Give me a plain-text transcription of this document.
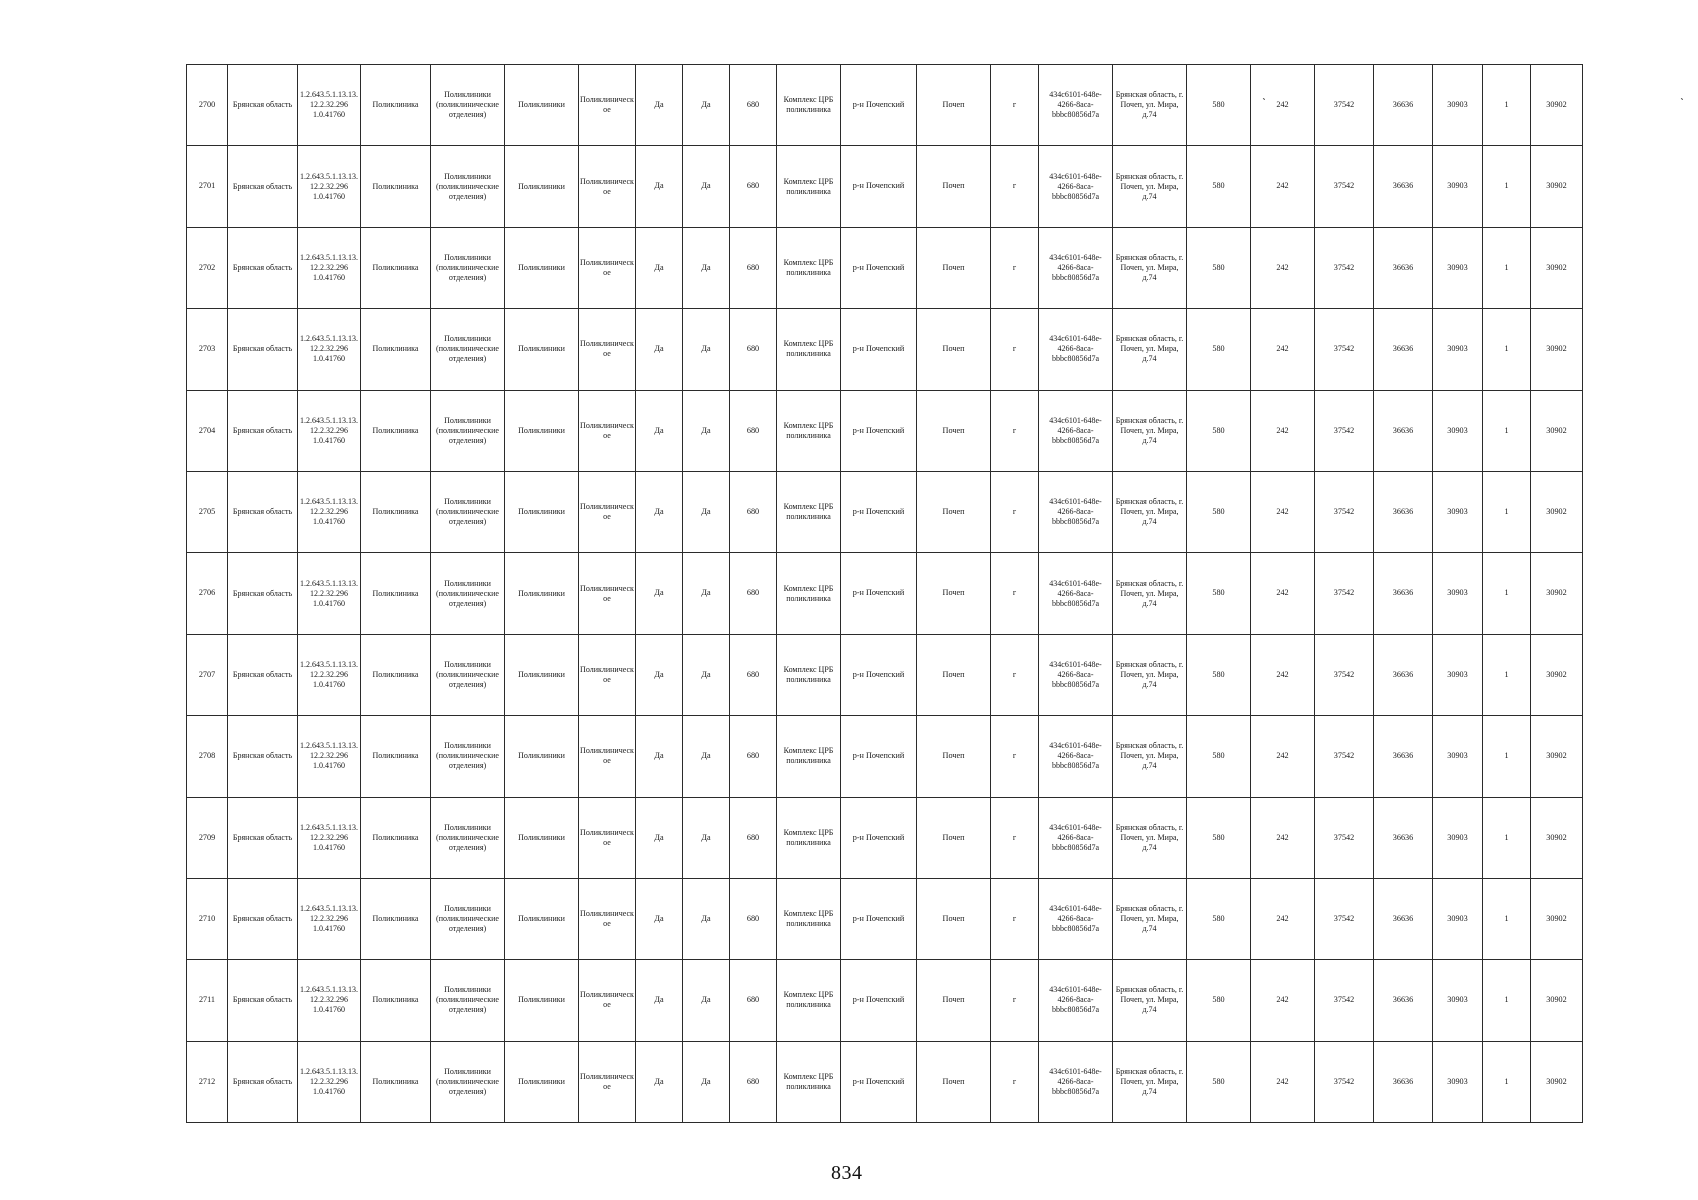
2700	Брянская область	1.2.643.5.1.13.13.12.2.32.296 1.0.41760	Поликлиника	Поликлиники (поликлинические отделения)	Поликлиники	Поликлиническое	Да	Да	680	Комплекс ЦРБ поликлиника	р-н Почепский	Почеп	г	434c6101-648e-4266-8aca-bbbc80856d7a	Брянская область, г. Почеп, ул. Мира, д.74	580	242	37542	36636	30903	1	30902
2701	Брянская область	1.2.643.5.1.13.13.12.2.32.296 1.0.41760	Поликлиника	Поликлиники (поликлинические отделения)	Поликлиники	Поликлиническое	Да	Да	680	Комплекс ЦРБ поликлиника	р-н Почепский	Почеп	г	434c6101-648e-4266-8aca-bbbc80856d7a	Брянская область, г. Почеп, ул. Мира, д.74	580	242	37542	36636	30903	1	30902
2702	Брянская область	1.2.643.5.1.13.13.12.2.32.296 1.0.41760	Поликлиника	Поликлиники (поликлинические отделения)	Поликлиники	Поликлиническое	Да	Да	680	Комплекс ЦРБ поликлиника	р-н Почепский	Почеп	г	434c6101-648e-4266-8aca-bbbc80856d7a	Брянская область, г. Почеп, ул. Мира, д.74	580	242	37542	36636	30903	1	30902
2703	Брянская область	1.2.643.5.1.13.13.12.2.32.296 1.0.41760	Поликлиника	Поликлиники (поликлинические отделения)	Поликлиники	Поликлиническое	Да	Да	680	Комплекс ЦРБ поликлиника	р-н Почепский	Почеп	г	434c6101-648e-4266-8aca-bbbc80856d7a	Брянская область, г. Почеп, ул. Мира, д.74	580	242	37542	36636	30903	1	30902
2704	Брянская область	1.2.643.5.1.13.13.12.2.32.296 1.0.41760	Поликлиника	Поликлиники (поликлинические отделения)	Поликлиники	Поликлиническое	Да	Да	680	Комплекс ЦРБ поликлиника	р-н Почепский	Почеп	г	434c6101-648e-4266-8aca-bbbc80856d7a	Брянская область, г. Почеп, ул. Мира, д.74	580	242	37542	36636	30903	1	30902
2705	Брянская область	1.2.643.5.1.13.13.12.2.32.296 1.0.41760	Поликлиника	Поликлиники (поликлинические отделения)	Поликлиники	Поликлиническое	Да	Да	680	Комплекс ЦРБ поликлиника	р-н Почепский	Почеп	г	434c6101-648e-4266-8aca-bbbc80856d7a	Брянская область, г. Почеп, ул. Мира, д.74	580	242	37542	36636	30903	1	30902
2706	Брянская область	1.2.643.5.1.13.13.12.2.32.296 1.0.41760	Поликлиника	Поликлиники (поликлинические отделения)	Поликлиники	Поликлиническое	Да	Да	680	Комплекс ЦРБ поликлиника	р-н Почепский	Почеп	г	434c6101-648e-4266-8aca-bbbc80856d7a	Брянская область, г. Почеп, ул. Мира, д.74	580	242	37542	36636	30903	1	30902
2707	Брянская область	1.2.643.5.1.13.13.12.2.32.296 1.0.41760	Поликлиника	Поликлиники (поликлинические отделения)	Поликлиники	Поликлиническое	Да	Да	680	Комплекс ЦРБ поликлиника	р-н Почепский	Почеп	г	434c6101-648e-4266-8aca-bbbc80856d7a	Брянская область, г. Почеп, ул. Мира, д.74	580	242	37542	36636	30903	1	30902
2708	Брянская область	1.2.643.5.1.13.13.12.2.32.296 1.0.41760	Поликлиника	Поликлиники (поликлинические отделения)	Поликлиники	Поликлиническое	Да	Да	680	Комплекс ЦРБ поликлиника	р-н Почепский	Почеп	г	434c6101-648e-4266-8aca-bbbc80856d7a	Брянская область, г. Почеп, ул. Мира, д.74	580	242	37542	36636	30903	1	30902
2709	Брянская область	1.2.643.5.1.13.13.12.2.32.296 1.0.41760	Поликлиника	Поликлиники (поликлинические отделения)	Поликлиники	Поликлиническое	Да	Да	680	Комплекс ЦРБ поликлиника	р-н Почепский	Почеп	г	434c6101-648e-4266-8aca-bbbc80856d7a	Брянская область, г. Почеп, ул. Мира, д.74	580	242	37542	36636	30903	1	30902
2710	Брянская область	1.2.643.5.1.13.13.12.2.32.296 1.0.41760	Поликлиника	Поликлиники (поликлинические отделения)	Поликлиники	Поликлиническое	Да	Да	680	Комплекс ЦРБ поликлиника	р-н Почепский	Почеп	г	434c6101-648e-4266-8aca-bbbc80856d7a	Брянская область, г. Почеп, ул. Мира, д.74	580	242	37542	36636	30903	1	30902
2711	Брянская область	1.2.643.5.1.13.13.12.2.32.296 1.0.41760	Поликлиника	Поликлиники (поликлинические отделения)	Поликлиники	Поликлиническое	Да	Да	680	Комплекс ЦРБ поликлиника	р-н Почепский	Почеп	г	434c6101-648e-4266-8aca-bbbc80856d7a	Брянская область, г. Почеп, ул. Мира, д.74	580	242	37542	36636	30903	1	30902
2712	Брянская область	1.2.643.5.1.13.13.12.2.32.296 1.0.41760	Поликлиника	Поликлиники (поликлинические отделения)	Поликлиники	Поликлиническое	Да	Да	680	Комплекс ЦРБ поликлиника	р-н Почепский	Почеп	г	434c6101-648e-4266-8aca-bbbc80856d7a	Брянская область, г. Почеп, ул. Мира, д.74	580	242	37542	36636	30903	1	30902
ˋ	ˋ
834
